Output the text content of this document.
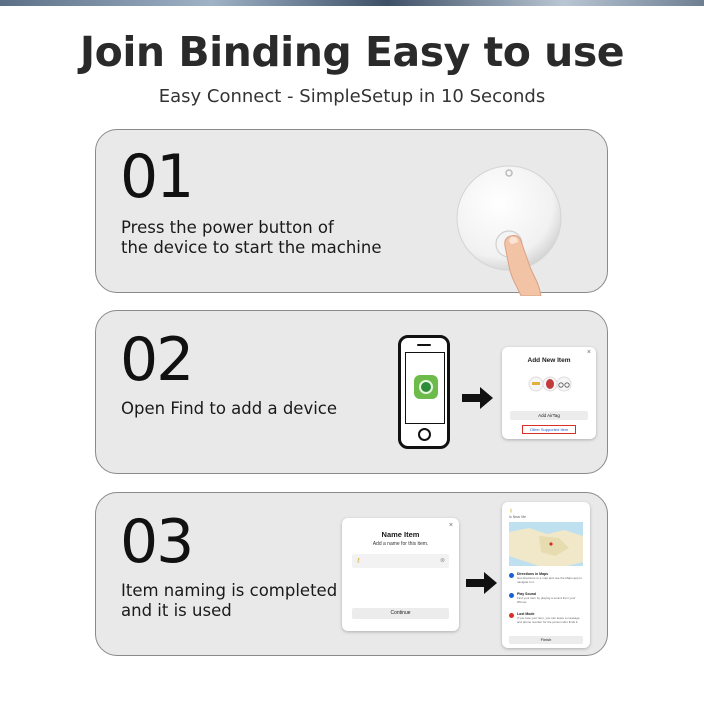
Join Binding Easy to use
Easy Connect - SimpleSetup in 10 Seconds
01
Press the power button of
the device to start the machine
02
Open Find to add a device
×
Add New Item
Add AirTag
Other Supported Item
03
Item naming is completed
and it is used
×
Name Item
Add a name for this item.
⚷	⊗
Continue
⚷
Is Near Me
Directions in Maps
Get directions to a map and use the Maps app to navigate to it.
Play Sound
Find your item by playing a sound from your iPhone.
Lost Mode
If you lose your item, you can leave a message and phone number for the person who finds it.
Finish
